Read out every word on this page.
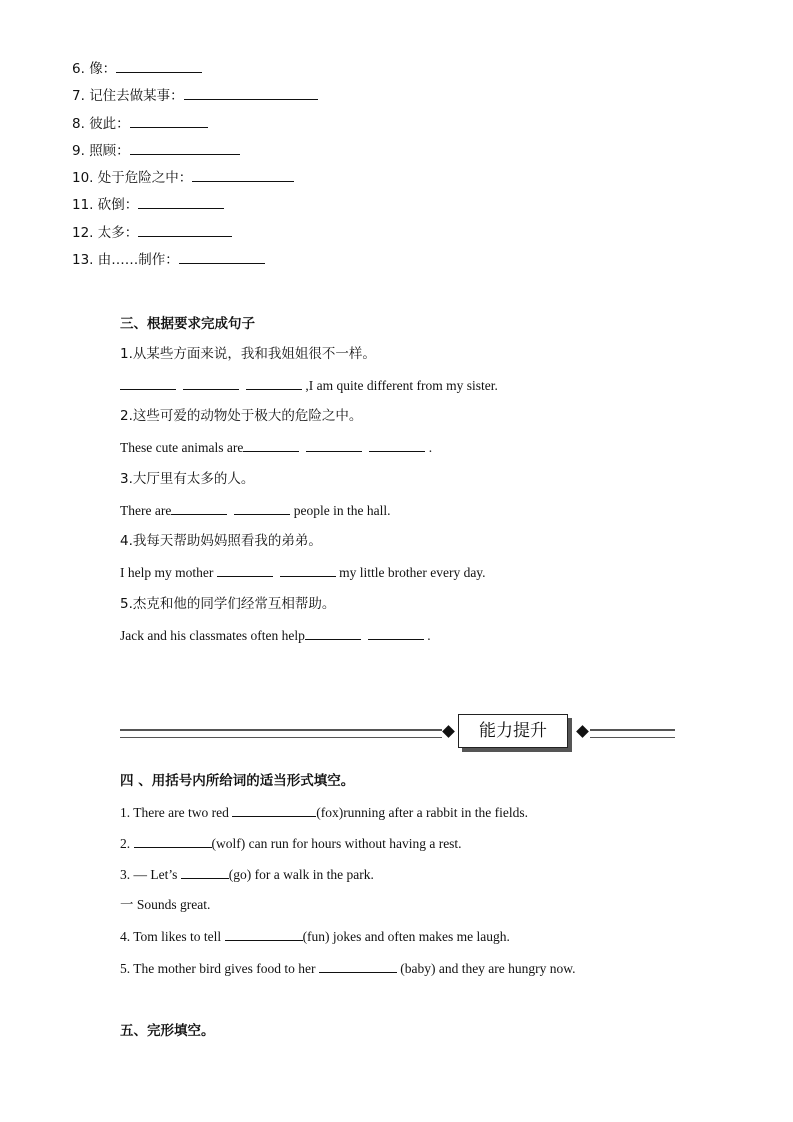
6. 像：
7. 记住去做某事：
8. 彼此：
9. 照顾：
10. 处于危险之中：
11. 砍倒：
12. 太多：
13. 由……制作：
三、根据要求完成句子
1.从某些方面来说，我和我姐姐很不一样。
,I am quite different from my sister.
2.这些可爱的动物处于极大的危险之中。
These cute animals are	.
3.大厅里有太多的人。
There are	people in the hall.
4.我每天帮助妈妈照看我的弟弟。
I help my mother	my little brother every day.
5.杰克和他的同学们经常互相帮助。
Jack and his classmates often help	.
能力提升
四 、用括号内所给词的适当形式填空。
1. There are two red	(fox)running after a rabbit in the fields.
2.	(wolf) can run for hours without having a rest.
3. — Let’s	(go) for a walk in the park.
一 Sounds great.
4. Tom likes to tell	(fun) jokes and often makes me laugh.
5. The mother bird gives food to her	(baby) and they are hungry now.
五、完形填空。
